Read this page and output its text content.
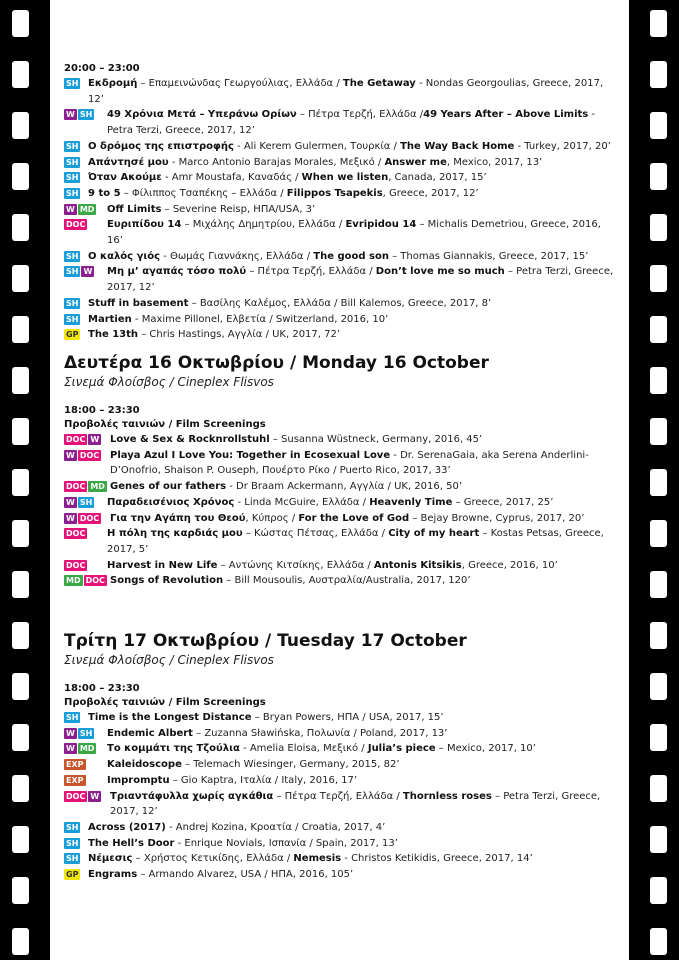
20:00 – 23:00
SH Εκδρομή – Επαμεινώνδας Γεωργούλιας, Ελλάδα / The Getaway - Nondas Georgoulias, Greece, 2017, 12’
W SH 49 Χρόνια Μετά – Υπεράνω Ορίων – Πέτρα Τερζή, Ελλάδα /49 Years After – Above Limits - Petra Terzi, Greece, 2017, 12’
SH Ο δρόμος της επιστροφής - Ali Kerem Gulermen, Τουρκία / The Way Back Home - Turkey, 2017, 20’
SH Απάντησέ μου - Marco Antonio Barajas Morales, Μεξικό / Answer me, Mexico, 2017, 13’
SH Όταν Ακούμε - Amr Moustafa, Καναδάς / When we listen, Canada, 2017, 15’
SH 9 to 5 – Φίλιππος Τσαπέκης – Ελλάδα / Filippos Tsapekis, Greece, 2017, 12’
W MD Off Limits – Severine Reisp, ΗΠΑ/USA, 3’
DOC Ευριπίδου 14 – Μιχάλης Δημητρίου, Ελλάδα / Evripidou 14 – Michalis Demetriou, Greece, 2016, 16’
SH Ο καλός γιός - Θωμάς Γιαννάκης, Ελλάδα / The good son – Thomas Giannakis, Greece, 2017, 15’
SH W Μη μ’ αγαπάς τόσο πολύ – Πέτρα Τερζή, Ελλάδα / Don’t love me so much – Petra Terzi, Greece, 2017, 12’
SH Stuff in basement – Βασίλης Καλέμος, Ελλάδα / Bill Kalemos, Greece, 2017, 8’
SH Martien - Maxime Pillonel, Ελβετία / Switzerland, 2016, 10’
GP The 13th – Chris Hastings, Αγγλία / UK, 2017, 72’
Δευτέρα 16 Οκτωβρίου / Monday 16 October
Σινεμά Φλοίσβος / Cineplex Flisvos
18:00 – 23:30
Προβολές ταινιών / Film Screenings
DOC W Love & Sex & Rocknrollstuhl – Susanna Wüstneck, Germany, 2016, 45’
W DOC Playa Azul I Love You: Together in Ecosexual Love - Dr. SerenaGaia, aka Serena Anderlini-D’Onofrio, Shaison P. Ouseph, Πουέρτο Ρίκο / Puerto Rico, 2017, 33’
DOC MD Genes of our fathers - Dr Braam Ackermann, Αγγλία / UK, 2016, 50’
W SH Παραδεισένιος Χρόνος - Linda McGuire, Ελλάδα / Heavenly Time – Greece, 2017, 25’
W DOC Για την Αγάπη του Θεού, Κύπρος / For the Love of God – Bejay Browne, Cyprus, 2017, 20’
DOC Η πόλη της καρδιάς μου – Κώστας Πέτσας, Ελλάδα / City of my heart – Kostas Petsas, Greece, 2017, 5’
DOC Harvest in New Life – Αντώνης Κιτσίκης, Ελλάδα / Antonis Kitsikis, Greece, 2016, 10’
MD DOC Songs of Revolution – Bill Mousoulis, Αυστραλία/Australia, 2017, 120’
Τρίτη 17 Οκτωβρίου / Tuesday 17 October
Σινεμά Φλοίσβος / Cineplex Flisvos
18:00 – 23:30
Προβολές ταινιών / Film Screenings
SH Time is the Longest Distance – Bryan Powers, ΗΠΑ / USA, 2017, 15’
W SH Endemic Albert – Zuzanna Sławińska, Πολωνία / Poland, 2017, 13’
W MD Το κομμάτι της Τζούλια - Amelia Eloisa, Μεξικό / Julia’s piece – Mexico, 2017, 10’
EXP Kaleidoscope – Telemach Wiesinger, Germany, 2015, 82’
EXP Impromptu – Gio Kaptra, Ιταλία / Italy, 2016, 17’
DOC W Τριαντάφυλλα χωρίς αγκάθια – Πέτρα Τερζή, Ελλάδα / Thornless roses – Petra Terzi, Greece, 2017, 12’
SH Across (2017) - Andrej Kozina, Κροατία / Croatia, 2017, 4’
SH The Hell’s Door - Enrique Novials, Ισπανία / Spain, 2017, 13’
SH Νέμεσις – Χρήστος Κετικίδης, Ελλάδα / Nemesis - Christos Ketikidis, Greece, 2017, 14’
GP Engrams – Armando Alvarez, USA / ΗΠΑ, 2016, 105’
